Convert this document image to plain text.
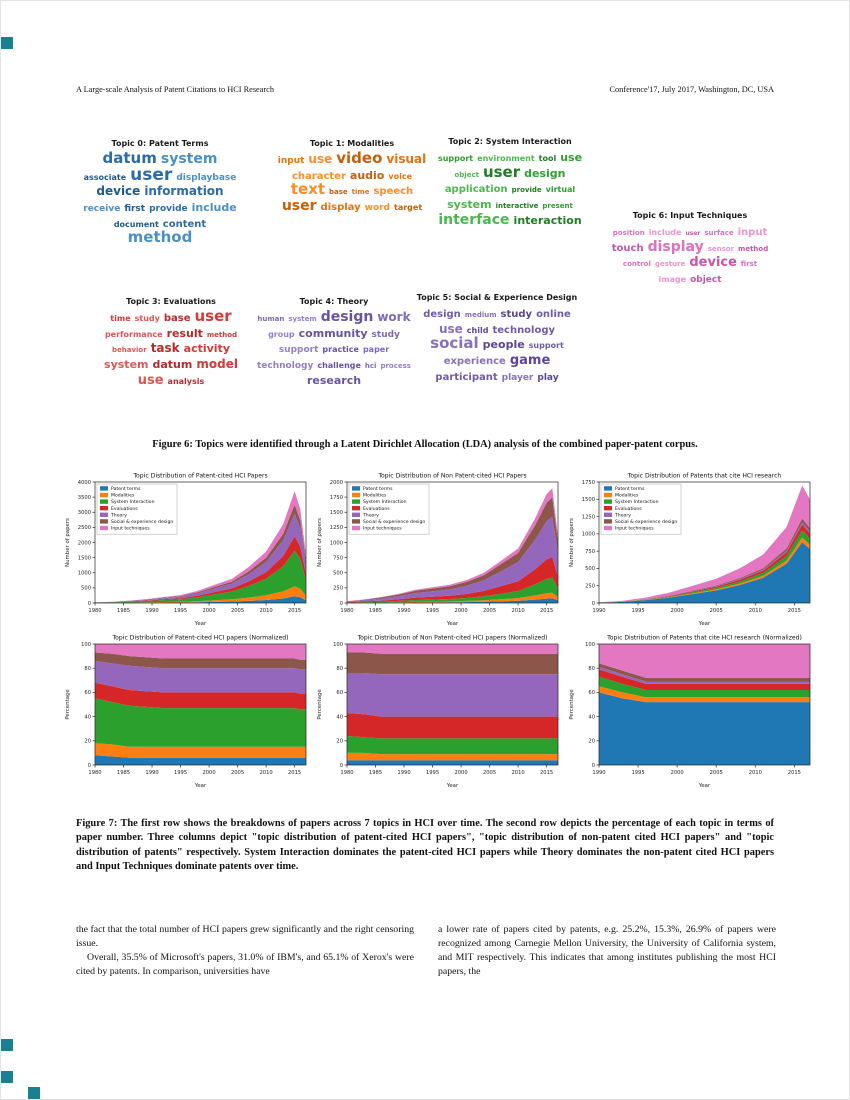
A Large-scale Analysis of Patent Citations to HCI Research	Conference'17, July 2017, Washington, DC, USA
Topic 0: Patent Terms
datum systemassociate user displaybasedevice informationreceive first provide includedocument contentmethod
Topic 1: Modalities
input use video visualcharacter audio voicetext base time speechuser display word target
Topic 2: System Interaction
support environment tool useobject user designapplication provide virtualsystem interactive presentinterface interaction	Topic 6: Input Techniques
position include user surface inputtouch display sensor methodcontrol gesture device firstimage object
Topic 3: Evaluations
time study base userperformance result methodbehavior task activitysystem datum modeluse analysis
Topic 4: Theory
human system design workgroup community studysupport practice papertechnology challenge hci processresearch
Topic 5: Social & Experience Design
design medium study onlineuse child technologysocial people supportexperience gameparticipant player play

Figure 6: Topics were identified through a Latent Dirichlet Allocation (LDA) analysis of the combined paper-patent corpus.

0
500
1000
1500
2000
2500
3000
3500
4000
1980	1985	1990	1995	2000	2005	2010	2015
Topic Distribution of Patent-cited HCI Papers
Year
Number of papers
Patent terms
Modalities
System Interaction
Evaluations
Theory
Social & experience design
Input techniques
0
250
500
750
1000
1250
1500
1750
2000
1980	1985	1990	1995	2000	2005	2010	2015
Topic Distribution of Non Patent-cited HCI Papers
Year
Number of papers
Patent terms
Modalities
System Interaction
Evaluations
Theory
Social & experience design
Input techniques
0
250
500
750
1000
1250
1500
1750
1990	1995	2000	2005	2010	2015
Topic Distribution of Patents that cite HCI research
Year
Number of papers
Patent terms
Modalities
System Interaction
Evaluations
Theory
Social & experience design
Input techniques
0
20
40
60
80
100
1980	1985	1990	1995	2000	2005	2010	2015
Topic Distribution of Patent-cited HCI papers (Normalized)
Year
Percentage
0
20
40
60
80
100
1980	1985	1990	1995	2000	2005	2010	2015
Topic Distribution of Non Patent-cited HCI papers (Normalized)
Year
Percentage
0
20
40
60
80
100
1990	1995	2000	2005	2010	2015
Topic Distribution of Patents that cite HCI research (Normalized)
Year
Percentage

Figure 7: The first row shows the breakdowns of papers across 7 topics in HCI over time. The second row depicts the percentage of each topic in terms of paper number. Three columns depict "topic distribution of patent-cited HCI papers", "topic distribution of non-patent cited HCI papers" and "topic distribution of patents" respectively. System Interaction dominates the patent-cited HCI papers while Theory dominates the non-patent cited HCI papers and Input Techniques dominate patents over time.

the fact that the total number of HCI papers grew significantly and the right censoring issue.

Overall, 35.5% of Microsoft's papers, 31.0% of IBM's, and 65.1% of Xerox's were cited by patents. In comparison, universities have

a lower rate of papers cited by patents, e.g. 25.2%, 15.3%, 26.9% of papers were recognized among Carnegie Mellon University, the University of California system, and MIT respectively. This indicates that among institutes publishing the most HCI papers, the
